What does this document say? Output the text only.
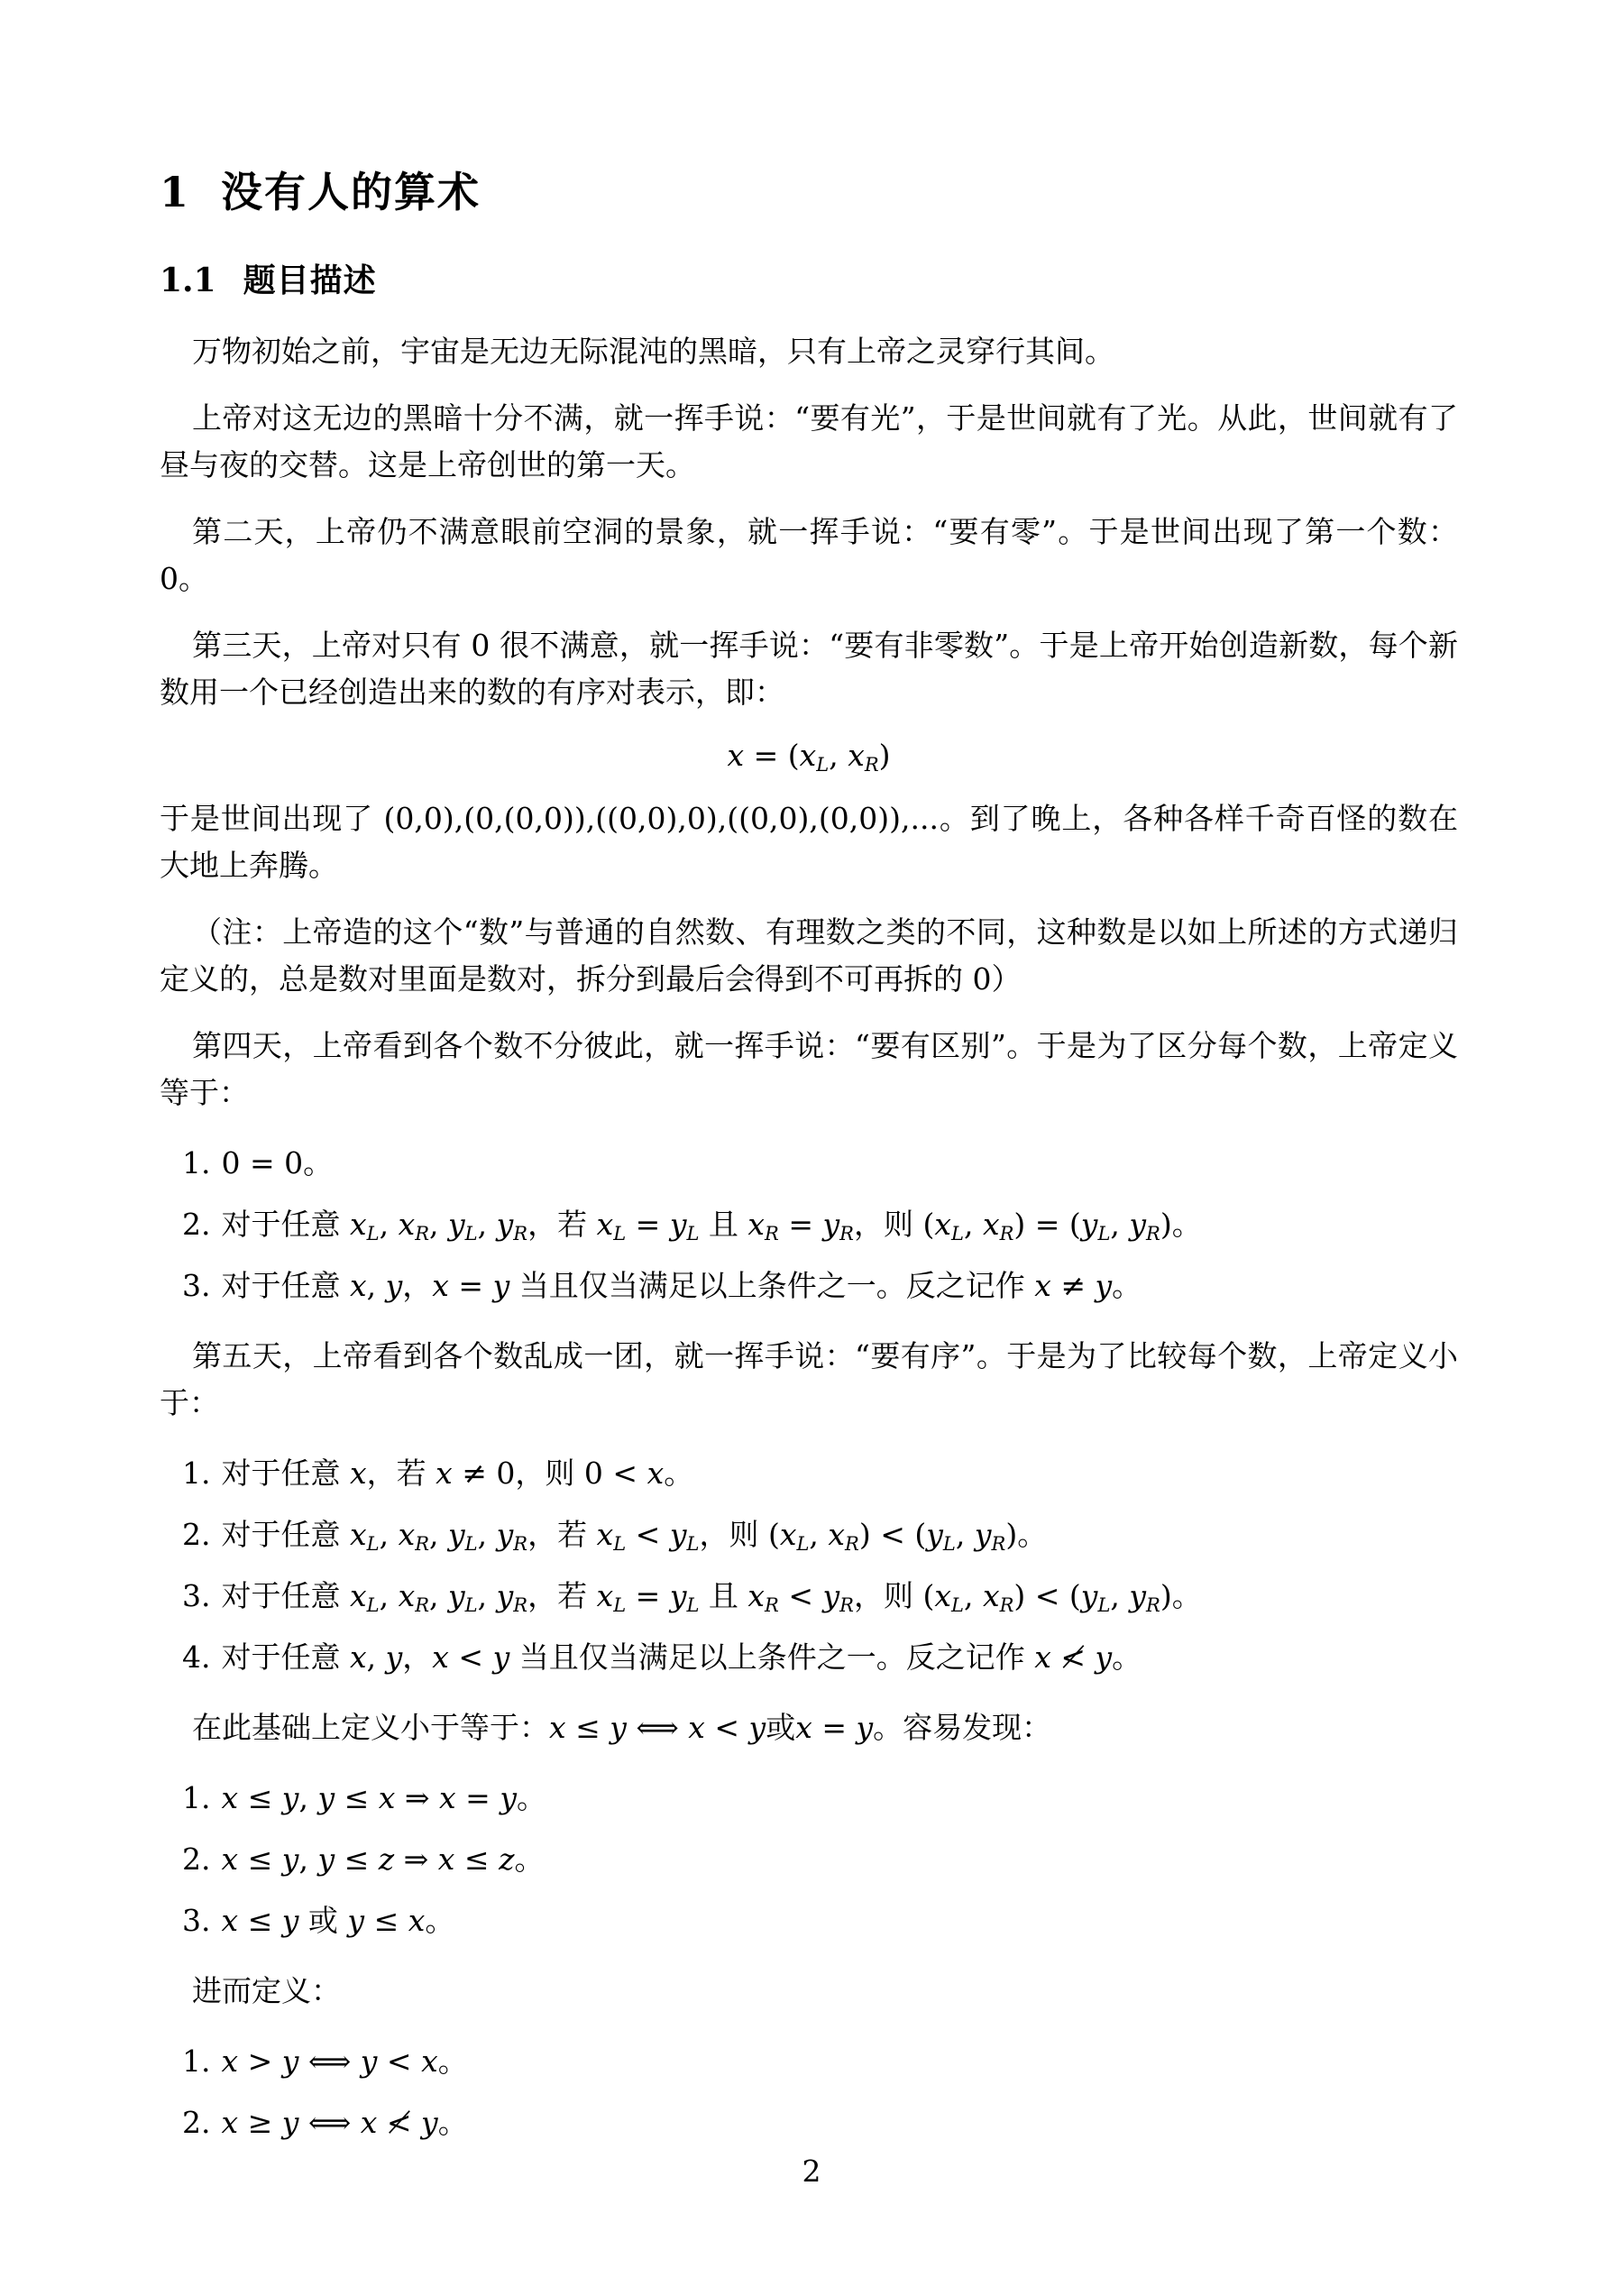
1 没有人的算术
1.1 题目描述
万物初始之前，宇宙是无边无际混沌的黑暗，只有上帝之灵穿行其间。
上帝对这无边的黑暗十分不满，就一挥手说：“要有光”，于是世间就有了光。从此，世间就有了昼与夜的交替。这是上帝创世的第一天。
第二天，上帝仍不满意眼前空洞的景象，就一挥手说：“要有零”。于是世间出现了第一个数：0。
第三天，上帝对只有 0 很不满意，就一挥手说：“要有非零数”。于是上帝开始创造新数，每个新数用一个已经创造出来的数的有序对表示，即：
$x = (x_L$, $x_R$)
于是世间出现了 (0,0),(0,(0,0)),((0,0),0),((0,0),(0,0)),...。到了晚上，各种各样千奇百怪的数在大地上奔腾。
（注：上帝造的这个“数”与普通的自然数、有理数之类的不同，这种数是以如上所述的方式递归定义的，总是数对里面是数对，拆分到最后会得到不可再拆的 0）
第四天，上帝看到各个数不分彼此，就一挥手说：“要有区别”。于是为了区分每个数，上帝定义等于：
1. 0 = 0。
2. 对于任意 $x_L$, $x_R$, $y_L$, $y_R$，若 $x_L = y_L$ 且 $x_R = y_R$，则 ($x_L$, $x_R) = (y_L$, $y_R$)。
3. 对于任意 x, y，x = y 当且仅当满足以上条件之一。反之记作 x ≠ y。
第五天，上帝看到各个数乱成一团，就一挥手说：“要有序”。于是为了比较每个数，上帝定义小于：
1. 对于任意 x，若 x ≠ 0，则 0 < x。
2. 对于任意 $x_L$, $x_R$, $y_L$, $y_R$，若 $x_L < y_L$，则 ($x_L$, $x_R) < (y_L$, $y_R$)。
3. 对于任意 $x_L$, $x_R$, $y_L$, $y_R$，若 $x_L = y_L$ 且 $x_R < y_R$，则 ($x_L$, $x_R) < (y_L$, $y_R$)。
4. 对于任意 x, y，x < y 当且仅当满足以上条件之一。反之记作 x ≮ y。
在此基础上定义小于等于：x ≤ y ⟺ x < y或x = y。容易发现：
1. x ≤ y, y ≤ x ⇒ x = y。
2. x ≤ y, y ≤ z ⇒ x ≤ z。
3. x ≤ y 或 y ≤ x。
进而定义：
1. x > y ⟺ y < x。
2. x ≥ y ⟺ x ≮ y。
2
